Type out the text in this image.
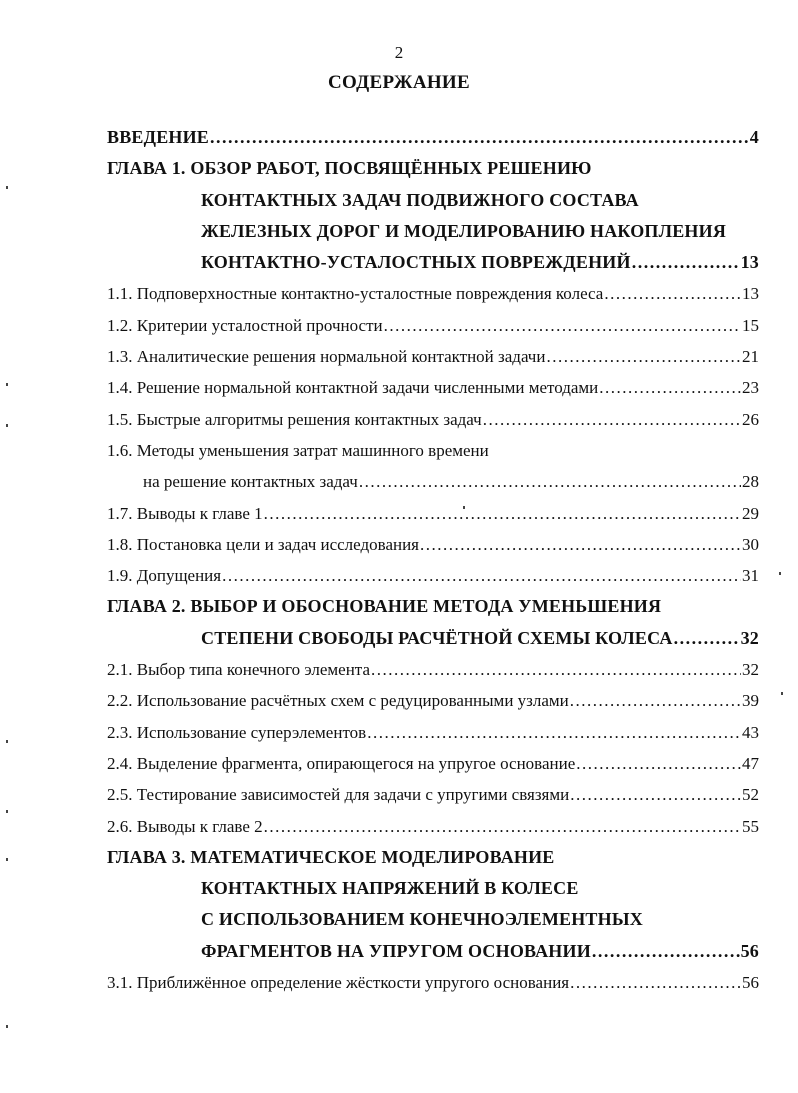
2
СОДЕРЖАНИЕ
ВВЕДЕНИЕ .....	4
ГЛАВА 1. ОБЗОР РАБОТ, ПОСВЯЩЁННЫХ РЕШЕНИЮ
КОНТАКТНЫХ ЗАДАЧ ПОДВИЖНОГО СОСТАВА
ЖЕЛЕЗНЫХ ДОРОГ И МОДЕЛИРОВАНИЮ НАКОПЛЕНИЯ
КОНТАКТНО-УСТАЛОСТНЫХ ПОВРЕЖДЕНИЙ .....	13
1.1. Подповерхностные контактно-усталостные повреждения колеса .....	13
1.2. Критерии усталостной прочности .....	15
1.3. Аналитические решения нормальной контактной задачи .....	21
1.4. Решение нормальной контактной задачи численными методами .....	23
1.5. Быстрые алгоритмы решения контактных задач .....	26
1.6. Методы уменьшения затрат машинного времени
на решение контактных задач .....	28
1.7. Выводы к главе 1 .....	29
1.8. Постановка цели и задач исследования .....	30
1.9. Допущения .....	31
ГЛАВА 2. ВЫБОР И ОБОСНОВАНИЕ МЕТОДА УМЕНЬШЕНИЯ
СТЕПЕНИ СВОБОДЫ РАСЧЁТНОЙ СХЕМЫ КОЛЕСА .....	32
2.1. Выбор типа конечного элемента .....	32
2.2. Использование расчётных схем с редуцированными узлами .....	39
2.3. Использование суперэлементов .....	43
2.4. Выделение фрагмента, опирающегося на упругое основание .....	47
2.5. Тестирование зависимостей для задачи с упругими связями .....	52
2.6. Выводы к главе 2 .....	55
ГЛАВА 3. МАТЕМАТИЧЕСКОЕ МОДЕЛИРОВАНИЕ
КОНТАКТНЫХ НАПРЯЖЕНИЙ В КОЛЕСЕ
С ИСПОЛЬЗОВАНИЕМ КОНЕЧНОЭЛЕМЕНТНЫХ
ФРАГМЕНТОВ НА УПРУГОМ ОСНОВАНИИ .....	56
3.1. Приближённое определение жёсткости упругого основания .....	56
